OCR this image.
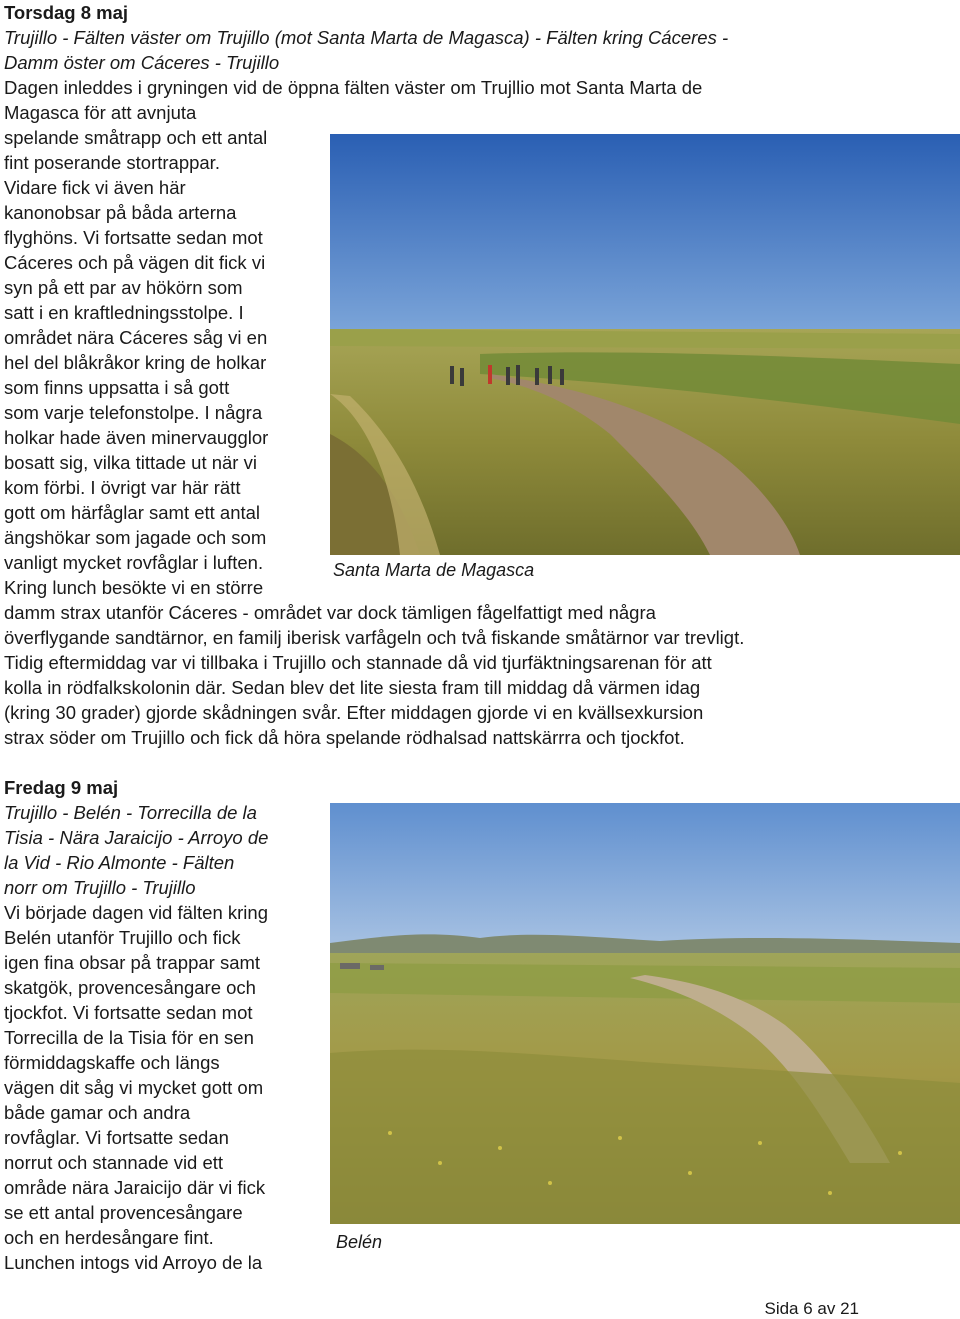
Torsdag 8 maj

Trujillo - Fälten väster om Trujillo (mot Santa Marta de Magasca) - Fälten kring Cáceres -

Damm öster om Cáceres - Trujillo

Dagen inleddes i gryningen vid de öppna fälten väster om Trujllio mot Santa Marta de

Magasca för att avnjuta

spelande småtrapp och ett antal

fint poserande stortrappar.

Vidare fick vi även här

kanonobsar på båda arterna

flyghöns. Vi fortsatte sedan mot

Cáceres och på vägen dit fick vi

syn på ett par av hökörn som

satt i en kraftledningsstolpe. I

området nära Cáceres såg vi en

hel del blåkråkor kring de holkar

som finns uppsatta i så gott

som varje telefonstolpe. I några

holkar hade även minervaugglor

bosatt sig, vilka tittade ut när vi

kom förbi. I övrigt var här rätt

gott om härfåglar samt ett antal

ängshökar som jagade och som

vanligt mycket rovfåglar i luften.

Kring lunch besökte vi en större

damm strax utanför Cáceres - området var dock tämligen fågelfattigt med några

överflygande sandtärnor, en familj iberisk varfågeln och två fiskande småtärnor var trevligt.

Tidig eftermiddag var vi tillbaka i Trujillo och stannade då vid tjurfäktningsarenan för att

kolla in rödfalkskolonin där. Sedan blev det lite siesta fram till middag då värmen idag

(kring 30 grader) gjorde skådningen svår. Efter middagen gjorde vi en kvällsexkursion

strax söder om Trujillo och fick då höra spelande rödhalsad nattskärrra och tjockfot.

Santa Marta de Magasca

Fredag 9 maj

Trujillo - Belén - Torrecilla de la

Tisia - Nära Jaraicijo - Arroyo de

la Vid - Rio Almonte - Fälten

norr om Trujillo - Trujillo

Vi började dagen vid fälten kring

Belén utanför Trujillo och fick

igen fina obsar på trappar samt

skatgök, provencesångare och

tjockfot. Vi fortsatte sedan mot

Torrecilla de la Tisia för en sen

förmiddagskaffe och längs

vägen dit såg vi mycket gott om

både gamar och andra

rovfåglar. Vi fortsatte sedan

norrut och stannade vid ett

område nära Jaraicijo där vi fick

se ett antal provencesångare

och en herdesångare fint.

Lunchen intogs vid Arroyo de la

Belén
Sida 6 av 21
